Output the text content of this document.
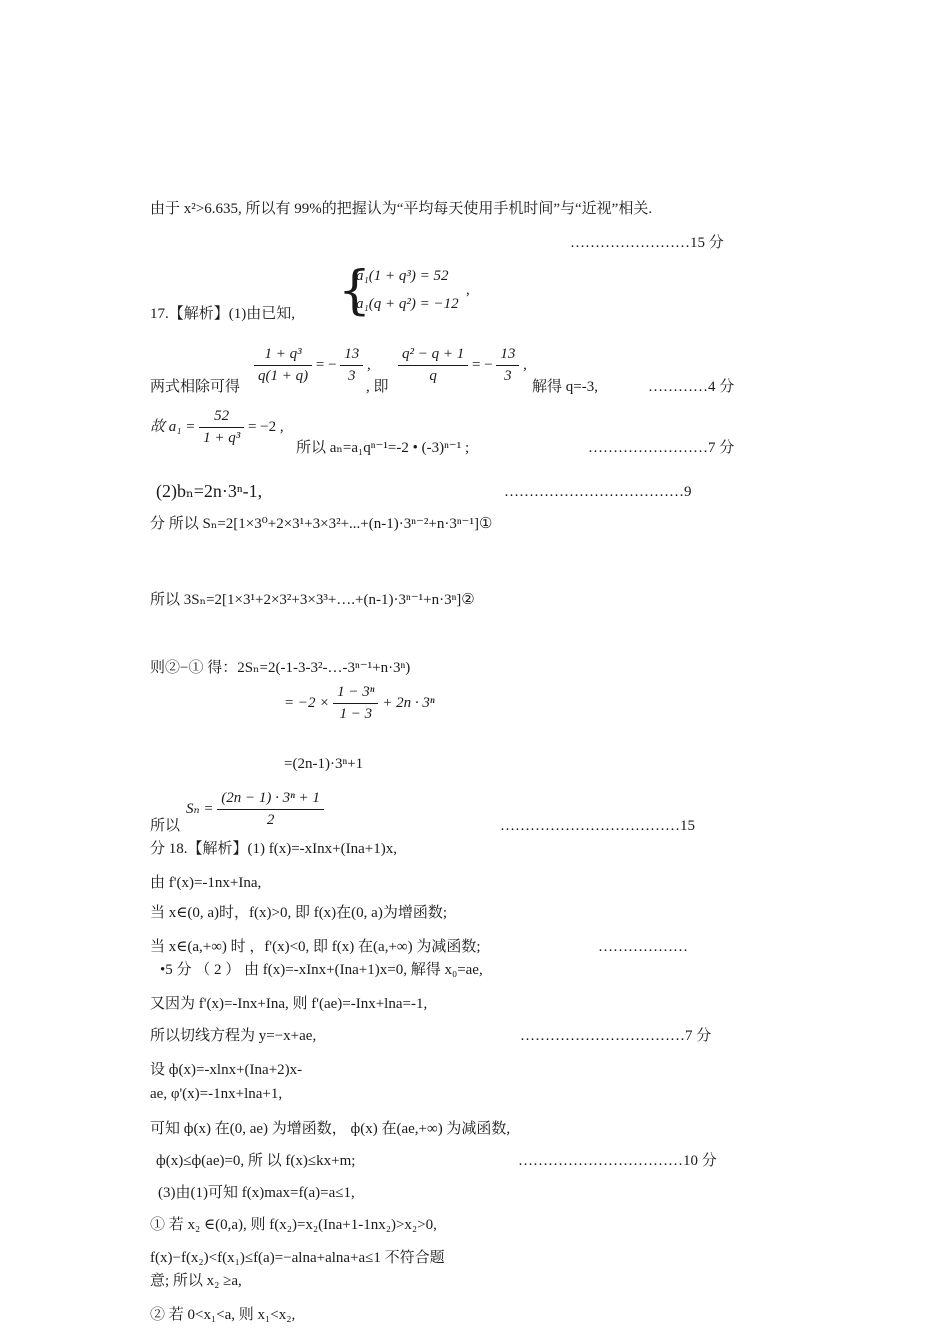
由于 x²>6.635, 所以有 99%的把握认为“平均每天使用手机时间”与“近视”相关.
……………………15 分
{
a₁(1 + q³) = 52
a₁(q + q²) = −12
,
17.【解析】(1)由已知,
两式相除可得
$\frac{\text{1 + q³}}{q(1 + q)}$ = − $\frac{13}{3}$ ,
, 即
$\frac{\text{q² − q + 1}}{q}$ = − $\frac{13}{3}$ ,
解得 q=-3,	…………4 分
故 $a_1 = \frac{52}{\text{1 + q³}} = -2$ ,
所以 aₙ=a₁qⁿ⁻¹=-2 • (-3)ⁿ⁻¹ ;	……………………7 分
(2)bₙ=2n·3ⁿ-1,	………………………………9
分 所以 Sₙ=2[1×3⁰+2×3¹+3×3²+...+(n-1)·3ⁿ⁻²+n·3ⁿ⁻¹]①
所以 3Sₙ=2[1×3¹+2×3²+3×3³+….+(n-1)·3ⁿ⁻¹+n·3ⁿ]②
则②−① 得：2Sₙ=2(-1-3-3²-…-3ⁿ⁻¹+n·3ⁿ)
= $-2 \times \frac{\text{1 − 3ⁿ}}{1 - 3} + 2n \cdot 3^n$
=(2n-1)·3ⁿ+1
所以
$S_n = \frac{\text{(2n − 1) · 3ⁿ + 1}}{2}$	………………………………15
分 18.【解析】(1) f(x)=-xInx+(Ina+1)x,
由 f'(x)=-1nx+Ina,
当 x∈(0, a)时，f(x)>0, 即 f(x)在(0, a)为增函数;
当 x∈(a,+∞) 时 ，f'(x)<0, 即 f(x) 在(a,+∞) 为减函数;	………………
•5 分 （ 2 ） 由 f(x)=-xInx+(Ina+1)x=0, 解得 x₀=ae,
又因为 f'(x)=-Inx+Ina, 则 f'(ae)=-Inx+lna=-1,
所以切线方程为 y=−x+ae,	……………………………7 分
设 ф(x)=-xlnx+(Ina+2)x-
ae, φ'(x)=-1nx+lna+1,
可知 ф(x) 在(0, ae) 为增函数， ф(x) 在(ae,+∞) 为减函数,
ф(x)≤ф(ae)=0, 所 以 f(x)≤kx+m;	……………………………10 分
(3)由(1)可知 f(x)max=f(a)=a≤1,
① 若 x₂ ∈(0,a), 则 f(x₂)=x₂(Ina+1-1nx₂)>x₂>0,
f(x)−f(x₂)<f(x₁)≤f(a)=−alna+alna+a≤1 不符合题
意; 所以 x₂ ≥a,
② 若 0<x₁<a, 则 x₁<x₂,
